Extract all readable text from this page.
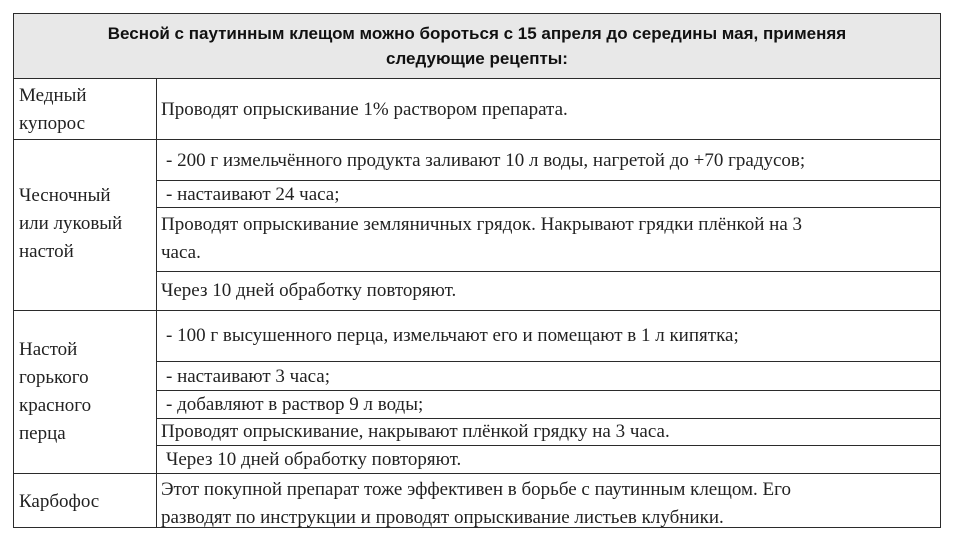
Весной с паутинным клещом можно бороться с 15 апреля до середины мая, применяя
следующие рецепты:
Медный
купорос
Проводят опрыскивание 1% раствором препарата.
Чесночный
или луковый
настой
- 200 г измельчённого продукта заливают 10 л воды, нагретой до +70 градусов;
- настаивают 24 часа;
Проводят опрыскивание земляничных грядок. Накрывают грядки плёнкой на 3
часа.
Через 10 дней обработку повторяют.
Настой
горького
красного
перца
- 100 г высушенного перца, измельчают его и помещают в 1 л кипятка;
- настаивают 3 часа;
- добавляют в раствор 9 л воды;
Проводят опрыскивание, накрывают плёнкой грядку на 3 часа.
Через 10 дней обработку повторяют.
Карбофос
Этот покупной препарат тоже эффективен в борьбе с паутинным клещом. Его
разводят по инструкции и проводят опрыскивание листьев клубники.
